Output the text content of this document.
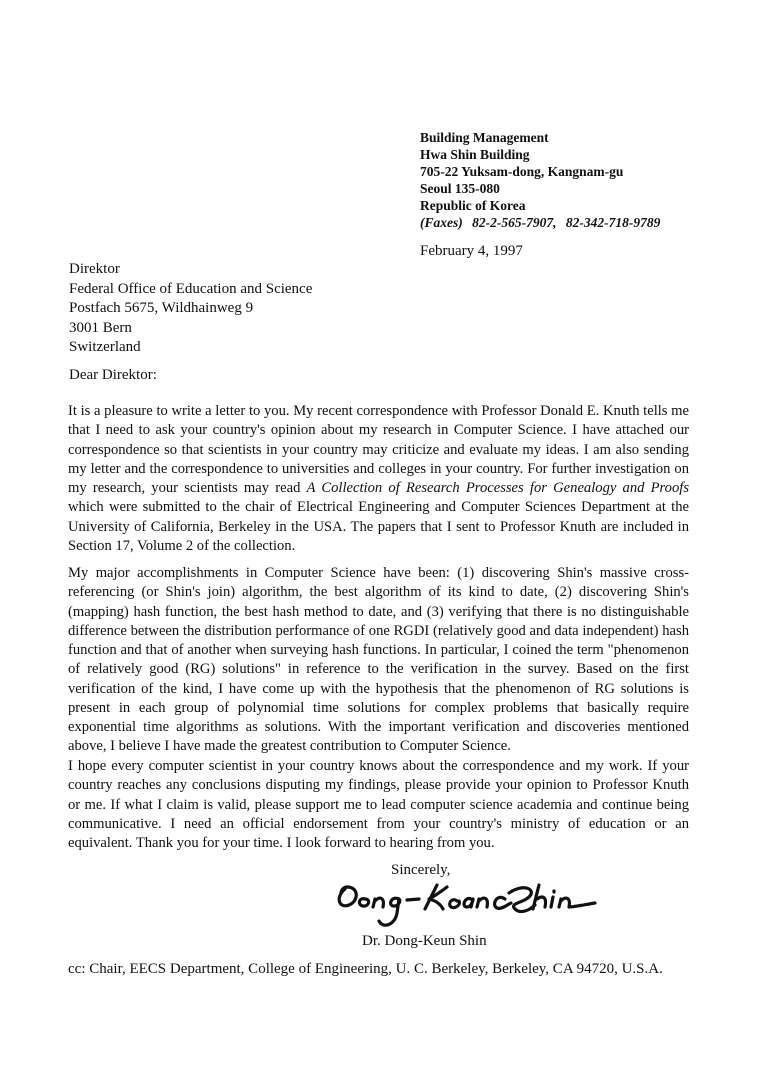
Building Management
Hwa Shin Building
705-22 Yuksam-dong, Kangnam-gu
Seoul 135-080
Republic of Korea
(Faxes) 82-2-565-7907, 82-342-718-9789
February 4, 1997
Direktor
Federal Office of Education and Science
Postfach 5675, Wildhainweg 9
3001 Bern
Switzerland
Dear Direktor:

It is a pleasure to write a letter to you. My recent correspondence with Professor Donald E. Knuth tells me that I need to ask your country's opinion about my research in Computer Science. I have attached our correspondence so that scientists in your country may criticize and evaluate my ideas. I am also sending my letter and the correspondence to universities and colleges in your country. For further investigation on my research, your scientists may read A Collection of Research Processes for Genealogy and Proofs which were submitted to the chair of Electrical Engineering and Computer Sciences Department at the University of California, Berkeley in the USA. The papers that I sent to Professor Knuth are included in Section 17, Volume 2 of the collection.

My major accomplishments in Computer Science have been: (1) discovering Shin's massive cross-referencing (or Shin's join) algorithm, the best algorithm of its kind to date, (2) discovering Shin's (mapping) hash function, the best hash method to date, and (3) verifying that there is no distinguishable difference between the distribution performance of one RGDI (relatively good and data independent) hash function and that of another when surveying hash functions. In particular, I coined the term "phenomenon of relatively good (RG) solutions" in reference to the verification in the survey. Based on the first verification of the kind, I have come up with the hypothesis that the phenomenon of RG solutions is present in each group of polynomial time solutions for complex problems that basically require exponential time algorithms as solutions. With the important verification and discoveries mentioned above, I believe I have made the greatest contribution to Computer Science.

I hope every computer scientist in your country knows about the correspondence and my work. If your country reaches any conclusions disputing my findings, please provide your opinion to Professor Knuth or me. If what I claim is valid, please support me to lead computer science academia and continue being communicative. I need an official endorsement from your country's ministry of education or an equivalent. Thank you for your time. I look forward to hearing from you.

Sincerely,
Dr. Dong-Keun Shin
cc: Chair, EECS Department, College of Engineering, U. C. Berkeley, Berkeley, CA 94720, U.S.A.
